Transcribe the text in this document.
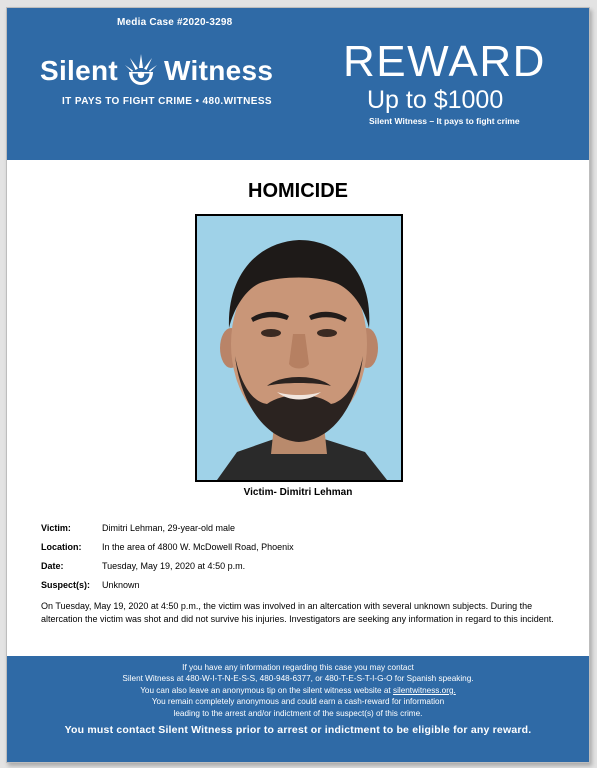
Media Case #2020-3298
Silent Witness
IT PAYS TO FIGHT CRIME • 480.WITNESS
REWARD
Up to $1000
Silent Witness – It pays to fight crime
HOMICIDE
Victim- Dimitri Lehman
Victim:	Dimitri Lehman, 29-year-old male
Location:	In the area of 4800 W. McDowell Road, Phoenix
Date:	Tuesday, May 19, 2020 at 4:50 p.m.
Suspect(s):	Unknown
On Tuesday, May 19, 2020 at 4:50 p.m., the victim was involved in an altercation with several unknown subjects. During the altercation the victim was shot and did not survive his injuries. Investigators are seeking any information in regard to this incident.
If you have any information regarding this case you may contact
Silent Witness at 480-W-I-T-N-E-S-S, 480-948-6377, or 480-T-E-S-T-I-G-O for Spanish speaking.
You can also leave an anonymous tip on the silent witness website at silentwitness.org.
You remain completely anonymous and could earn a cash-reward for information
leading to the arrest and/or indictment of the suspect(s) of this crime.
You must contact Silent Witness prior to arrest or indictment to be eligible for any reward.
